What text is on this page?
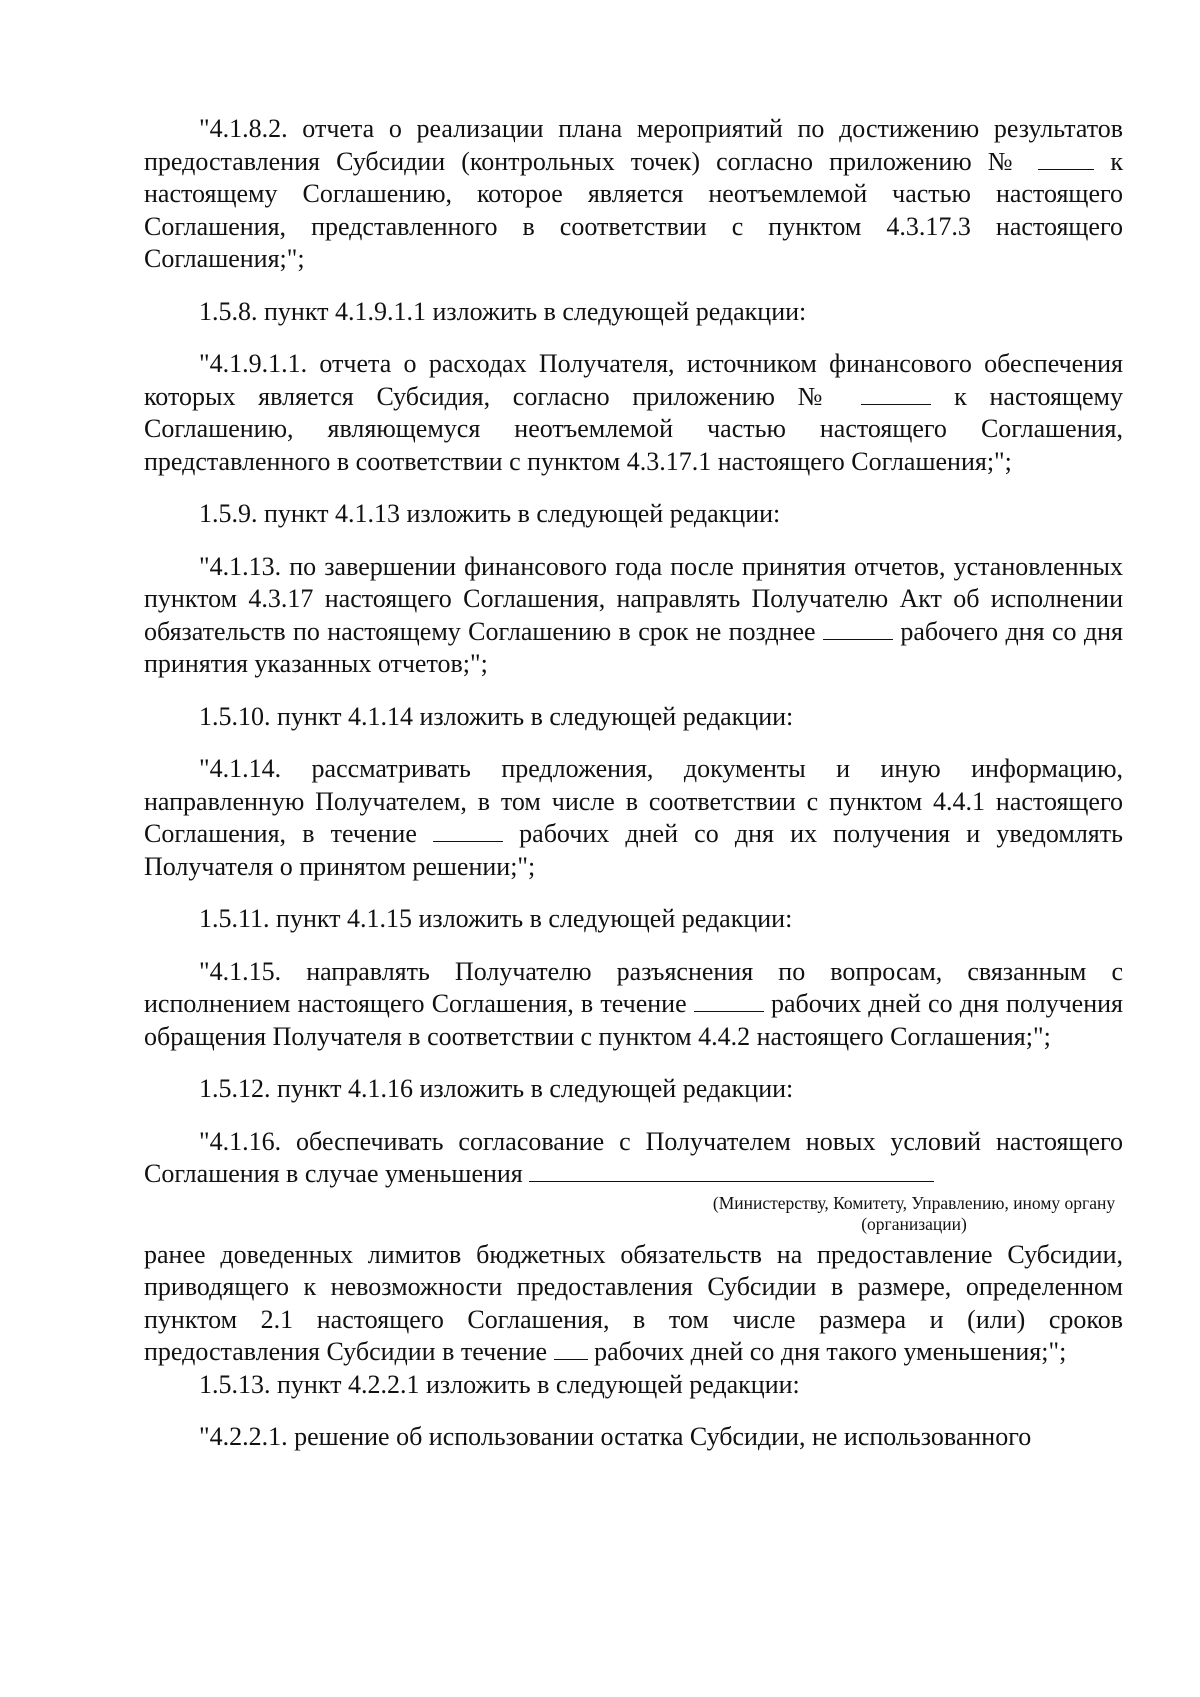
"4.1.8.2. отчета о реализации плана мероприятий по достижению результатов предоставления Субсидии (контрольных точек) согласно приложению №  к настоящему Соглашению, которое является неотъемлемой частью настоящего Соглашения, представленного в соответствии с пунктом 4.3.17.3 настоящего Соглашения;";

1.5.8. пункт 4.1.9.1.1 изложить в следующей редакции:

"4.1.9.1.1. отчета о расходах Получателя, источником финансового обеспечения которых является Субсидия, согласно приложению №	к настоящему Соглашению, являющемуся неотъемлемой частью настоящего Соглашения, представленного в соответствии с пунктом 4.3.17.1 настоящего Соглашения;";

1.5.9. пункт 4.1.13 изложить в следующей редакции:

"4.1.13. по завершении финансового года после принятия отчетов, установленных пунктом 4.3.17 настоящего Соглашения, направлять Получателю Акт об исполнении обязательств по настоящему Соглашению в срок не позднее	рабочего дня со дня принятия указанных отчетов;";

1.5.10. пункт 4.1.14 изложить в следующей редакции:

"4.1.14. рассматривать предложения, документы и иную информацию, направленную Получателем, в том числе в соответствии с пунктом 4.4.1 настоящего Соглашения, в течение	рабочих дней со дня их получения и уведомлять Получателя о принятом решении;";

1.5.11. пункт 4.1.15 изложить в следующей редакции:

"4.1.15. направлять Получателю разъяснения по вопросам, связанным с исполнением настоящего Соглашения, в течение	рабочих дней со дня получения обращения Получателя в соответствии с пунктом 4.4.2 настоящего Соглашения;";

1.5.12. пункт 4.1.16 изложить в следующей редакции:

"4.1.16. обеспечивать согласование с Получателем новых условий настоящего Соглашения в случае уменьшения

(Министерству, Комитету, Управлению, иному органу (организации)

ранее доведенных лимитов бюджетных обязательств на предоставление Субсидии, приводящего к невозможности предоставления Субсидии в размере, определенном пунктом 2.1 настоящего Соглашения, в том числе размера и (или) сроков предоставления Субсидии в течение  рабочих дней со дня такого уменьшения;";

1.5.13. пункт 4.2.2.1 изложить в следующей редакции:

"4.2.2.1. решение об использовании остатка Субсидии, не использованного
